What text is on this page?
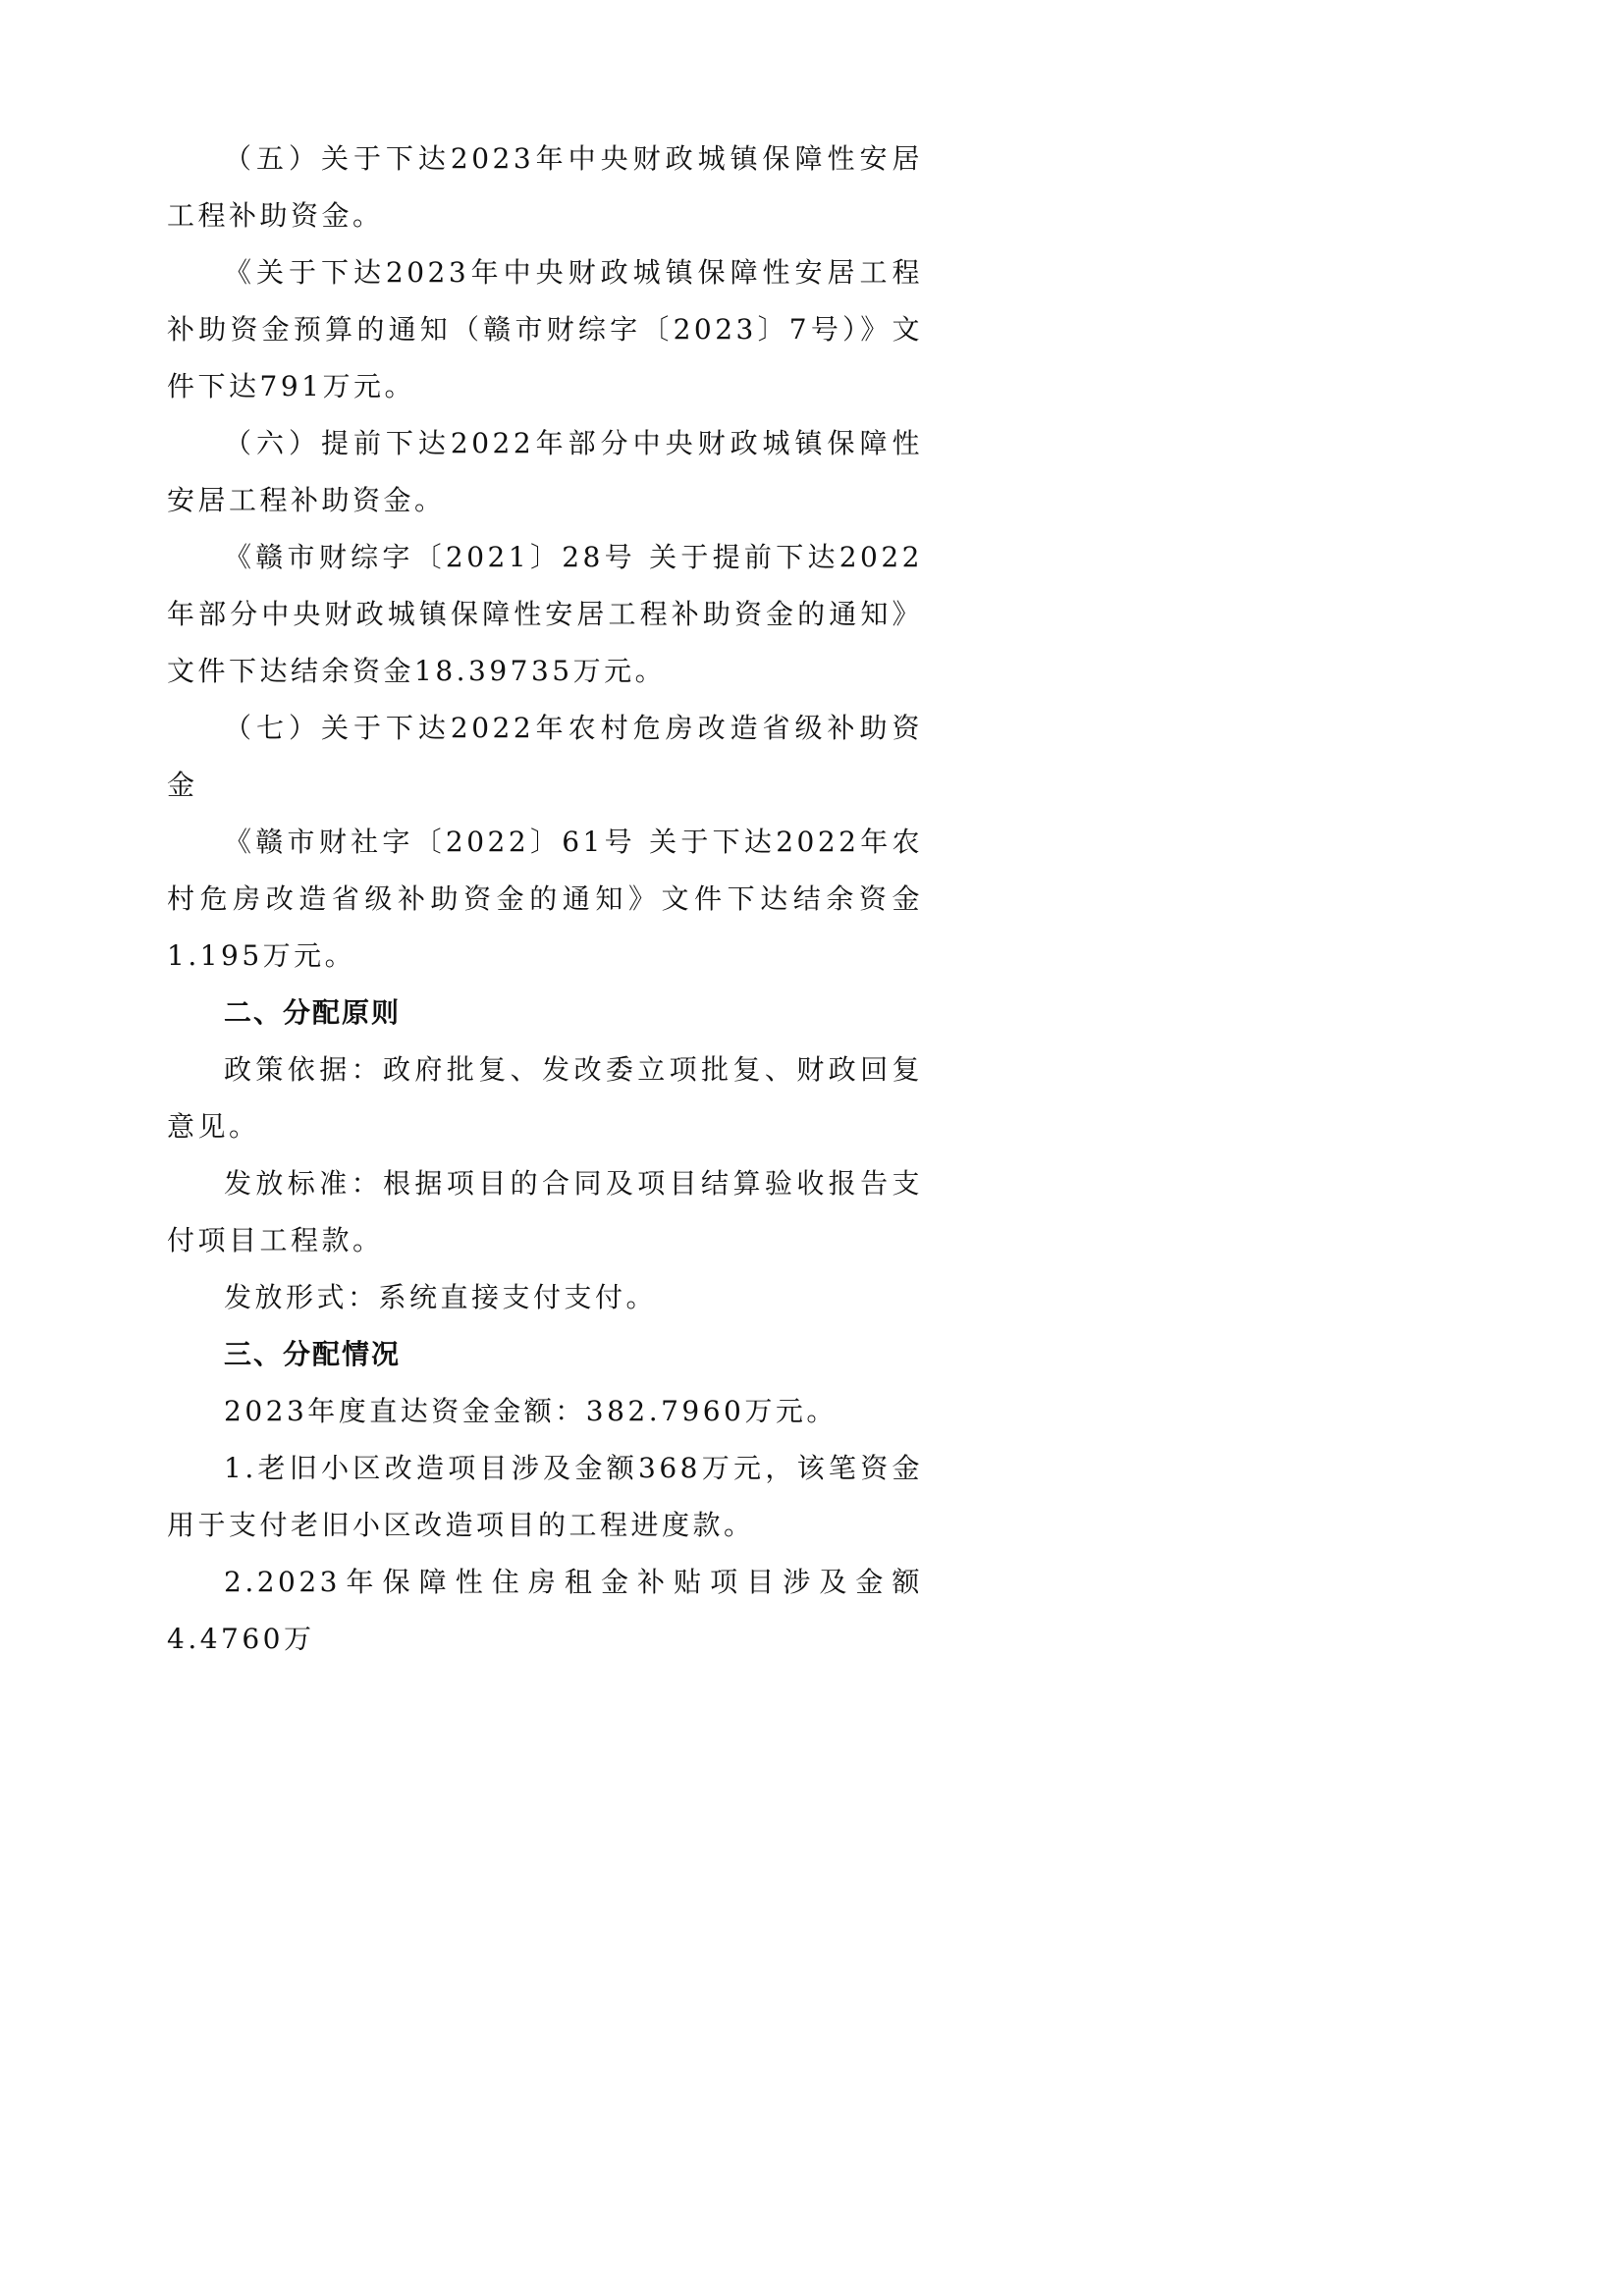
（五）关于下达2023年中央财政城镇保障性安居工程补助资金。

《关于下达2023年中央财政城镇保障性安居工程补助资金预算的通知（赣市财综字〔2023〕7号）》文件下达791万元。

（六）提前下达2022年部分中央财政城镇保障性安居工程补助资金。

《赣市财综字〔2021〕28号 关于提前下达2022年部分中央财政城镇保障性安居工程补助资金的通知》文件下达结余资金18.39735万元。

（七）关于下达2022年农村危房改造省级补助资金

《赣市财社字〔2022〕61号 关于下达2022年农村危房改造省级补助资金的通知》文件下达结余资金1.195万元。

二、分配原则

政策依据：政府批复、发改委立项批复、财政回复意见。

发放标准：根据项目的合同及项目结算验收报告支付项目工程款。

发放形式：系统直接支付支付。

三、分配情况

2023年度直达资金金额：382.7960万元。

1.老旧小区改造项目涉及金额368万元，该笔资金用于支付老旧小区改造项目的工程进度款。

2.2023年保障性住房租金补贴项目涉及金额4.4760万
